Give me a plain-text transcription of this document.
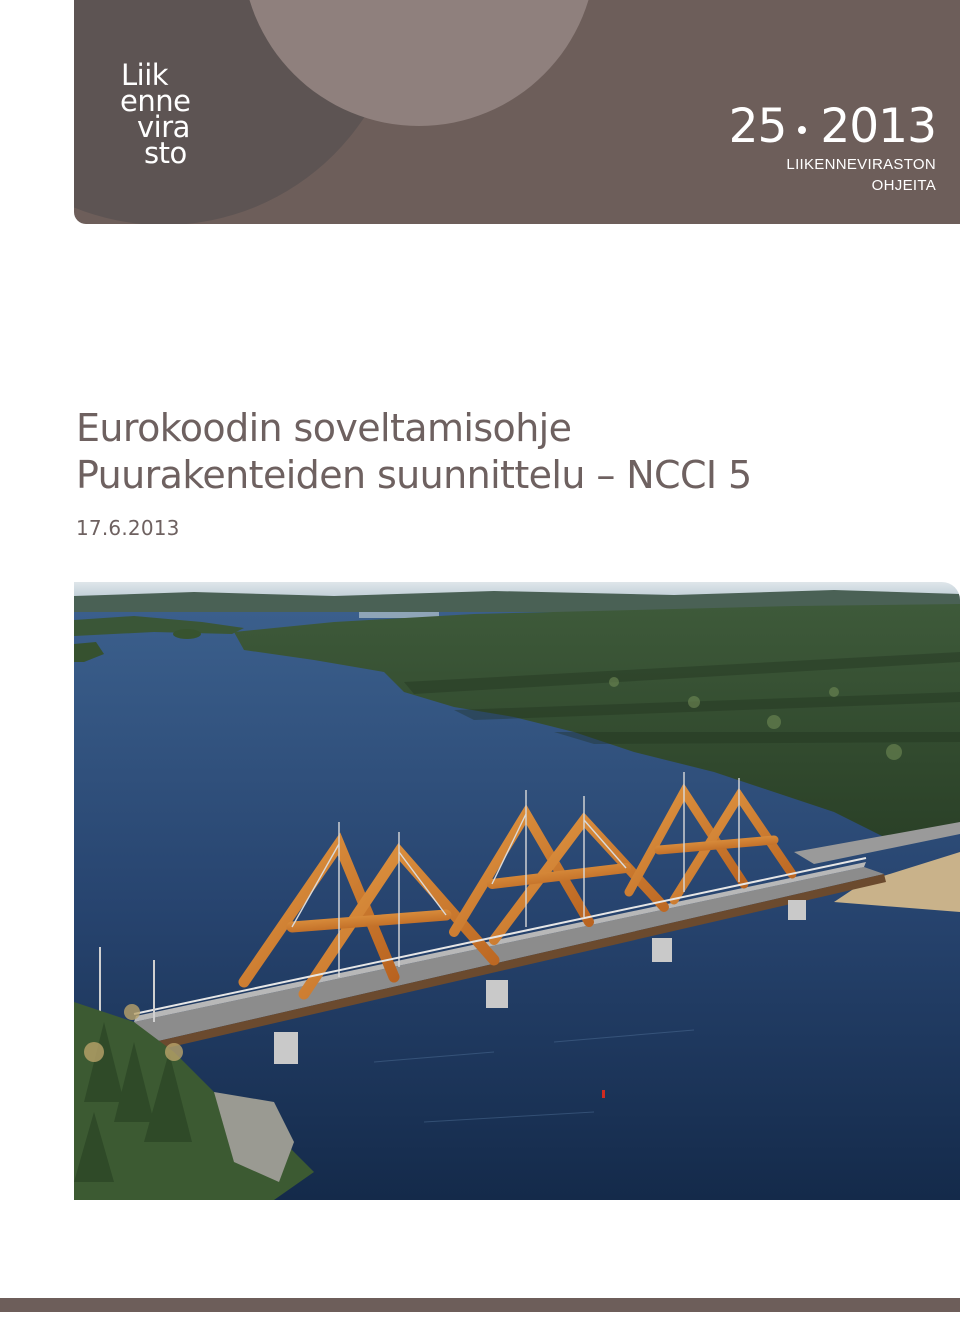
Liik
enne
vira
sto	25 2013
LIIKENNEVIRASTON
OHJEITA
Eurokoodin soveltamisohje
Puurakenteiden suunnittelu – NCCI 5
17.6.2013
